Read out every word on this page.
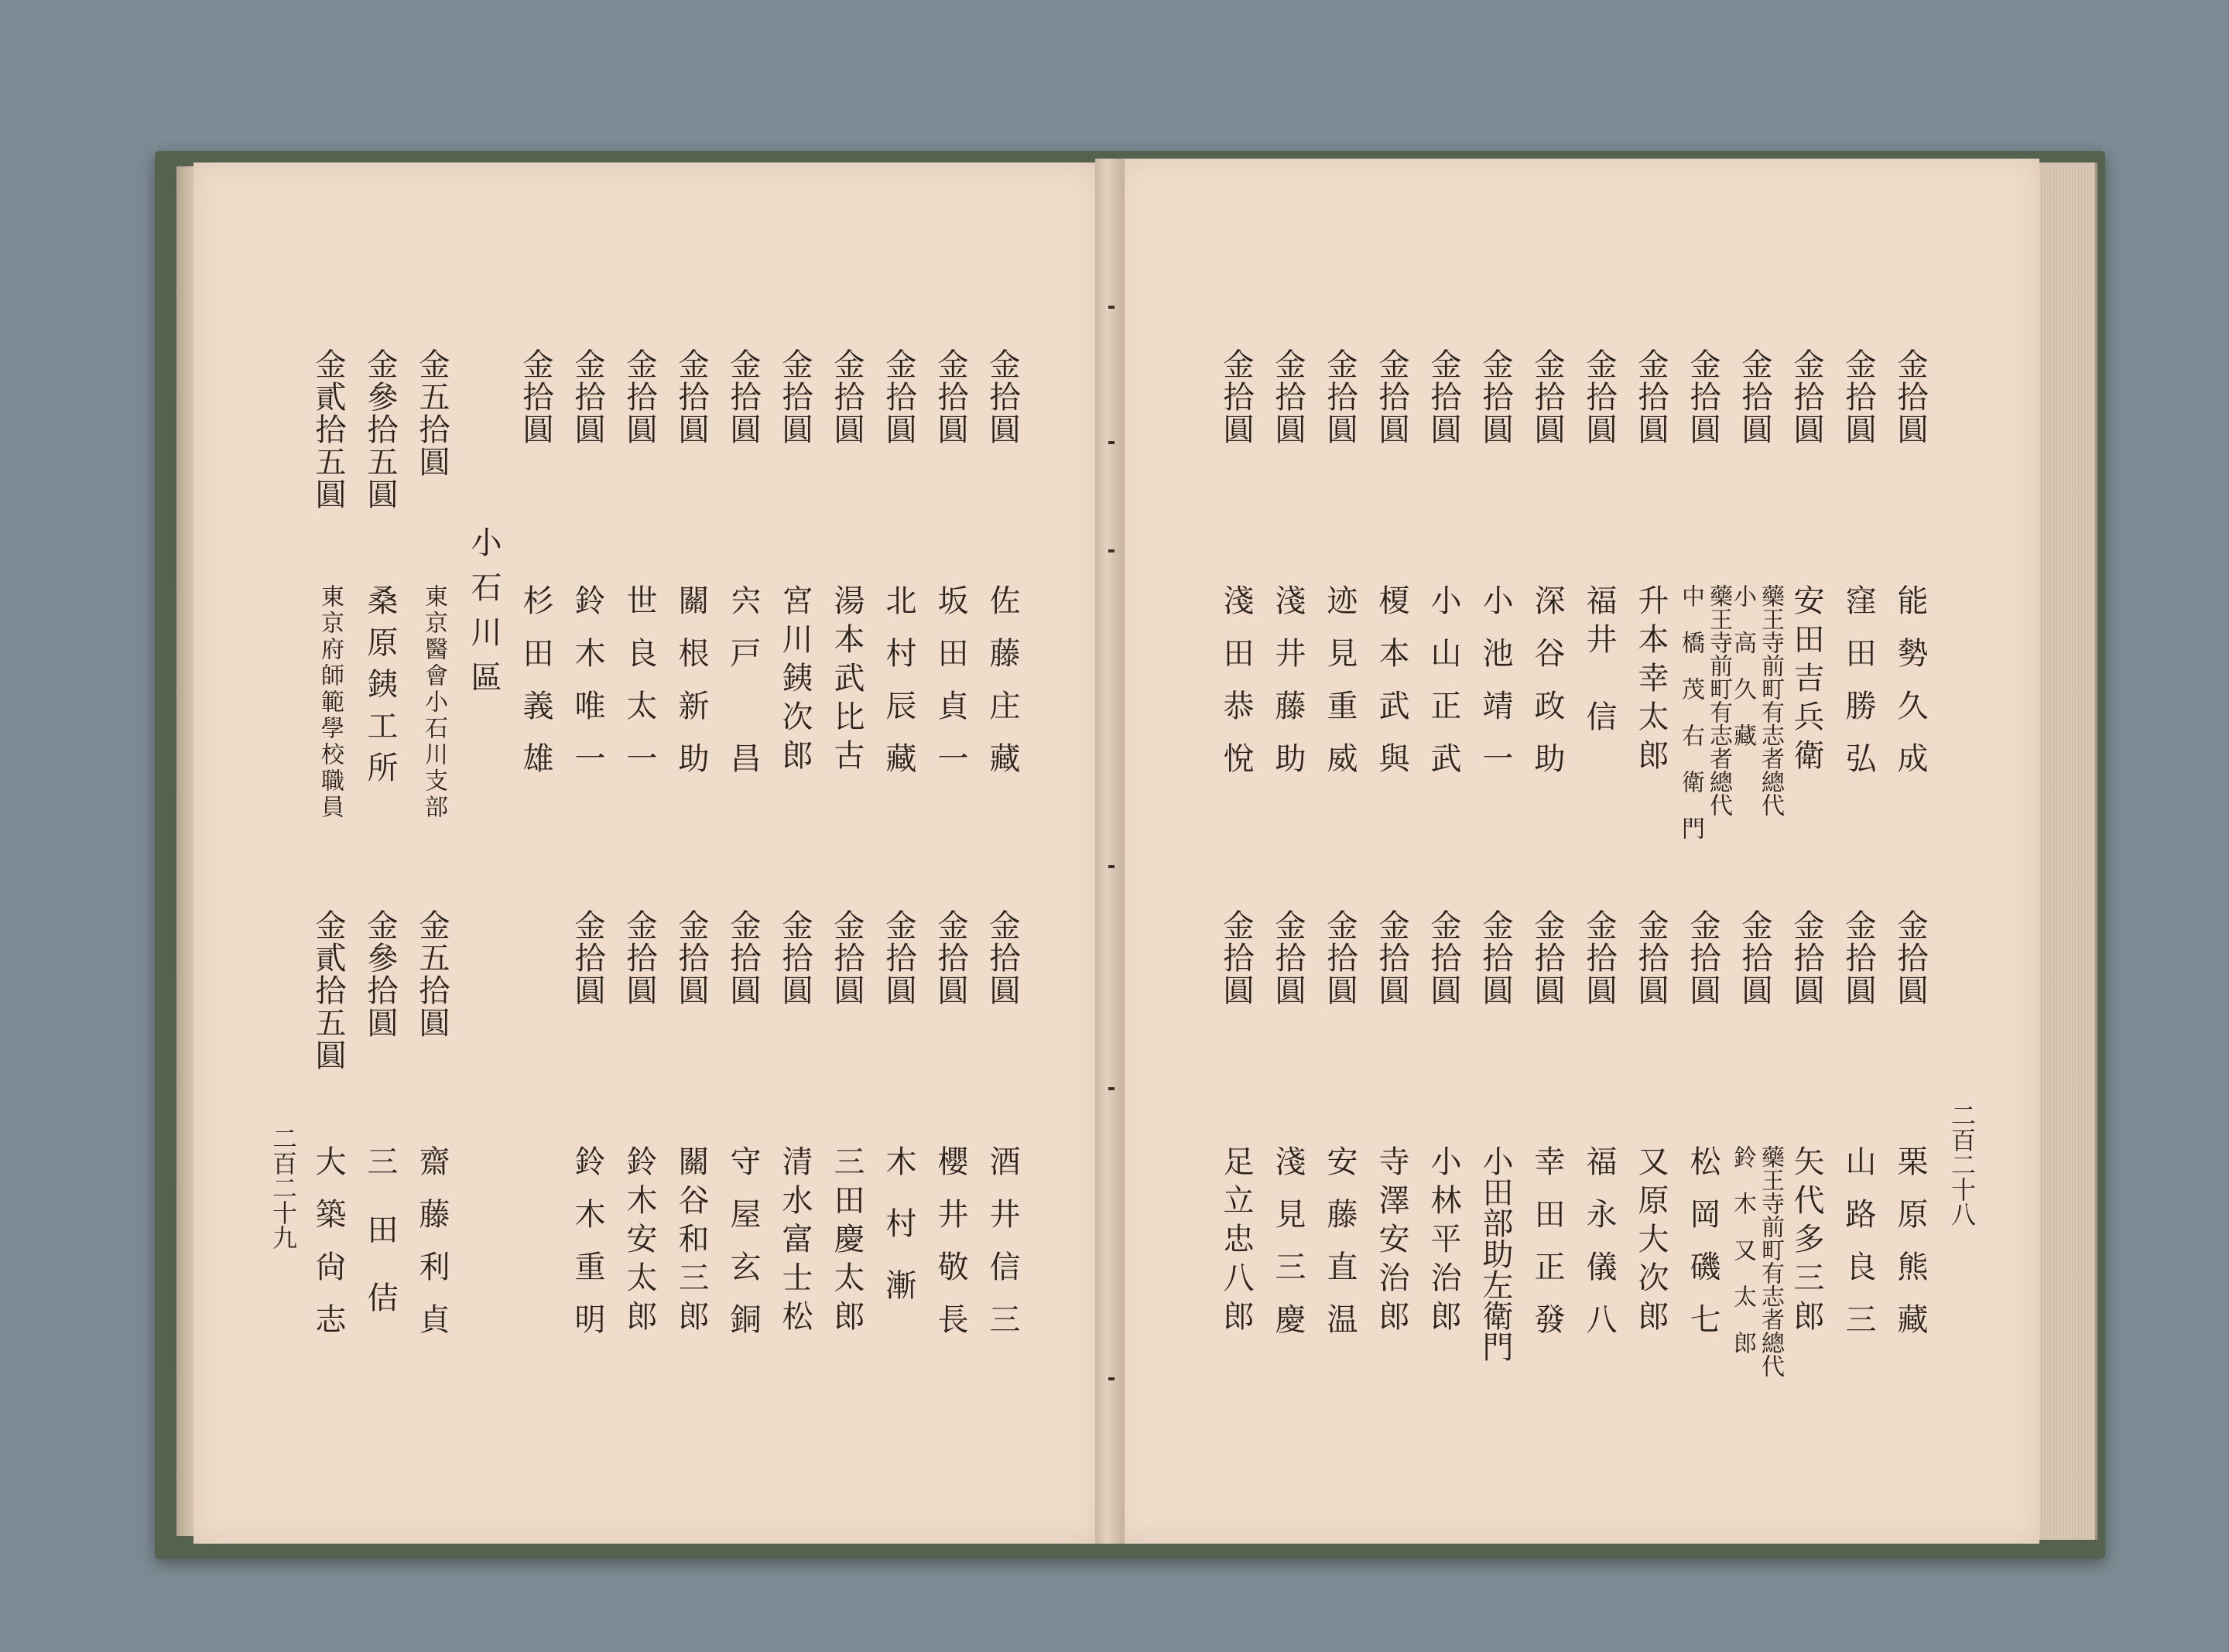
二百二十八
金拾圓
能勢久成
金拾圓
窪田勝弘
金拾圓
安田吉兵衛
金拾圓
藥王寺前町有志者總代
小　高　久　藏
金拾圓
藥王寺前町有志者總代
中　橋　茂　右　衛　門
金拾圓
升本幸太郎
金拾圓
福井　信
金拾圓
深谷政助
金拾圓
小池靖一
金拾圓
小山正武
金拾圓
榎本武與
金拾圓
迹見重威
金拾圓
淺井藤助
金拾圓
淺田恭悅
金拾圓
栗原熊藏
金拾圓
山路良三
金拾圓
矢代多三郎
金拾圓
藥王寺前町有志者總代
鈴　木　又　太　郎
金拾圓
松岡磯七
金拾圓
又原大次郎
金拾圓
福永儀八
金拾圓
幸田正發
金拾圓
小田部助左衛門
金拾圓
小林平治郎
金拾圓
寺澤安治郎
金拾圓
安藤直温
金拾圓
淺見三慶
金拾圓
足立忠八郎
二百二十九
金拾圓
佐藤庄藏
金拾圓
坂田貞一
金拾圓
北村辰藏
金拾圓
湯本武比古
金拾圓
宮川銕次郎
金拾圓
宍戸　昌
金拾圓
關根新助
金拾圓
世良太一
金拾圓
鈴木唯一
金拾圓
杉田義雄
小石川區
金五拾圓
東京醫會小石川支部
金參拾五圓
桑原銕工所
金貳拾五圓
東京府師範學校職員
金拾圓
酒井信三
金拾圓
櫻井敬長
金拾圓
木村漸
金拾圓
三田慶太郎
金拾圓
清水富士松
金拾圓
守屋玄銅
金拾圓
關谷和三郎
金拾圓
鈴木安太郎
金拾圓
鈴木重明
金五拾圓
齋藤利貞
金參拾圓
三田佶
金貳拾五圓
大築尙志
